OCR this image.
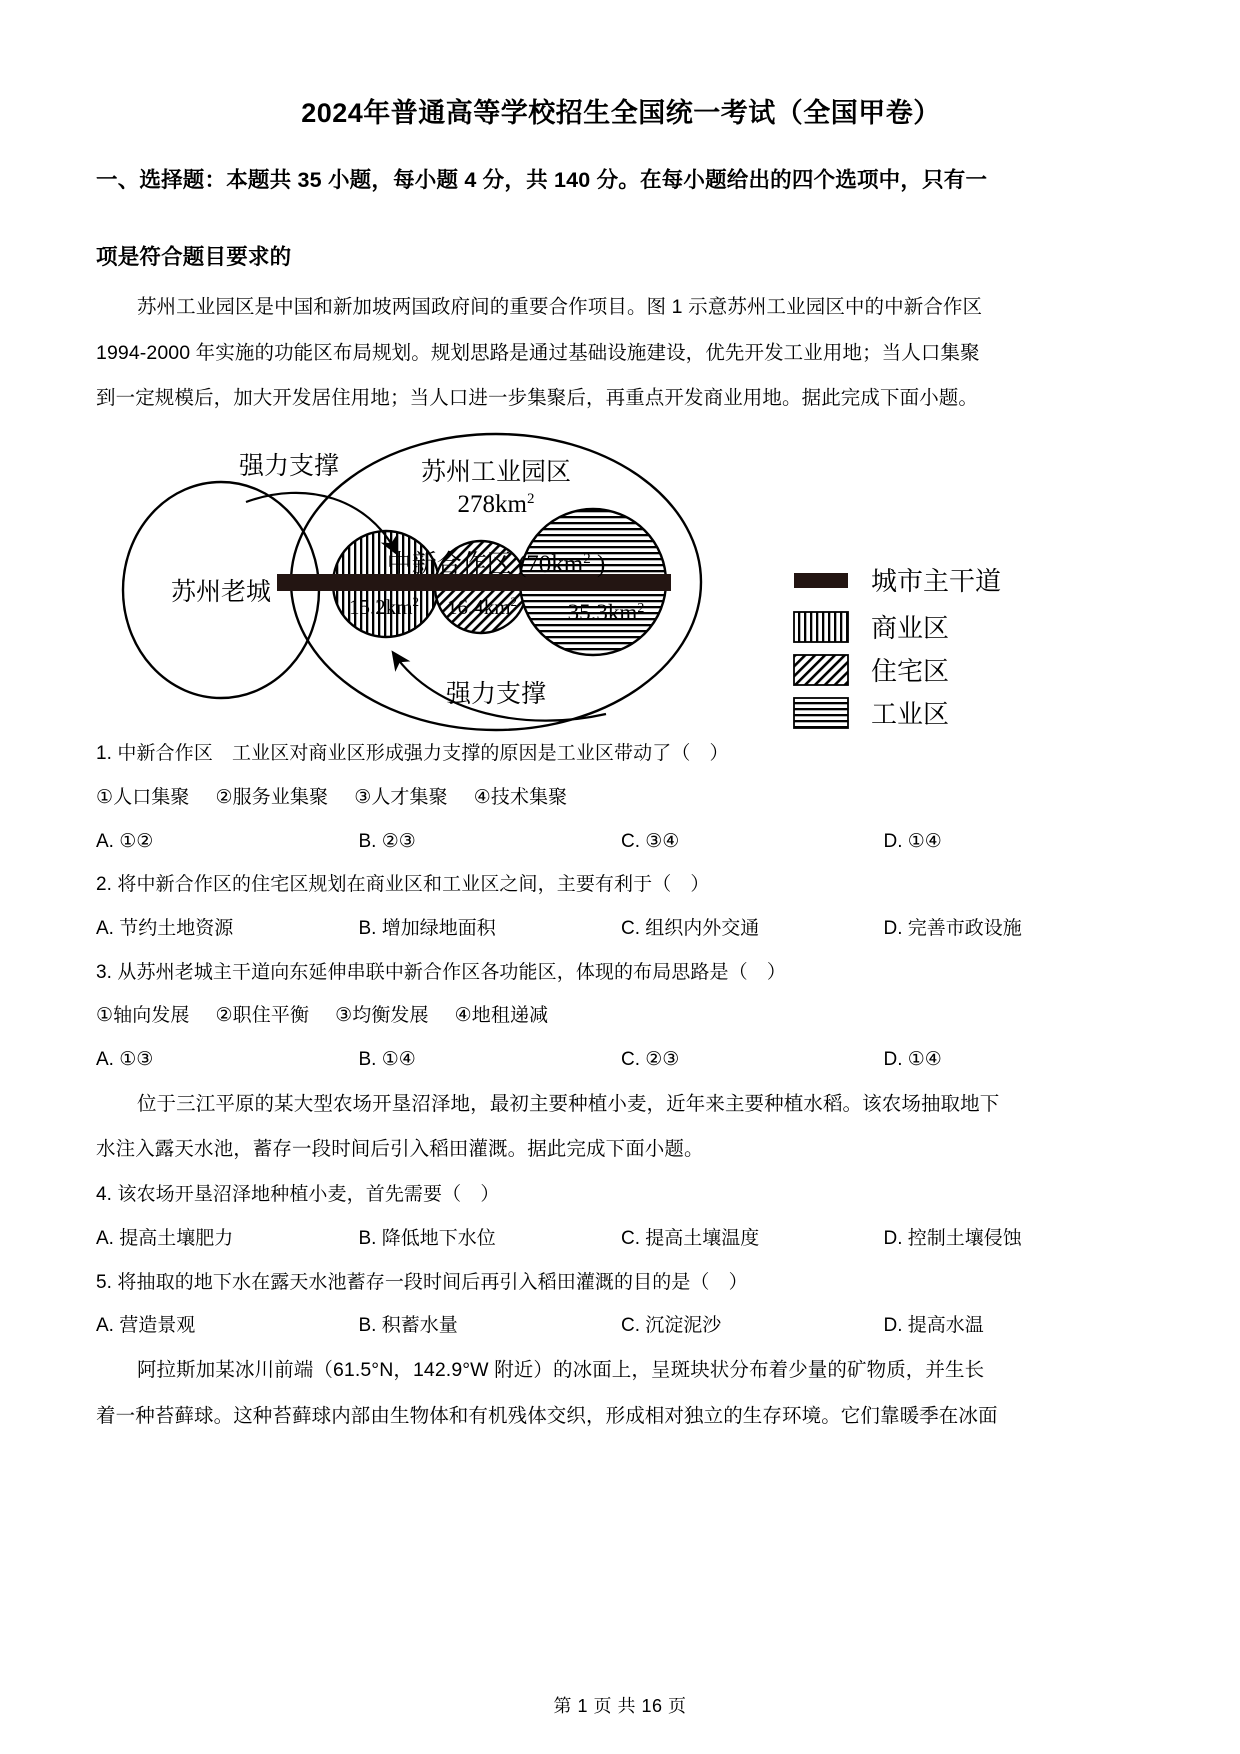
2024年普通高等学校招生全国统一考试（全国甲卷）
一、选择题：本题共 35 小题，每小题 4 分，共 140 分。在每小题给出的四个选项中，只有一
项是符合题目要求的
苏州工业园区是中国和新加坡两国政府间的重要合作项目。图 1 示意苏州工业园区中的中新合作区
1994-2000 年实施的功能区布局规划。规划思路是通过基础设施建设，优先开发工业用地；当人口集聚
到一定规模后，加大开发居住用地；当人口进一步集聚后，再重点开发商业用地。据此完成下面小题。
强力支撑	苏州工业园区
$278km^2$
苏州老城
中新合作区 ($70km^2$ )
$15.2km^2$ $16.4km^2$ $35.3km^2$
强力支撑
城市主干道
商业区
住宅区
工业区
1. 中新合作区　工业区对商业区形成强力支撑的原因是工业区带动了（　）
①人口集聚 ②服务业集聚 ③人才集聚 ④技术集聚
A. ①②	B. ②③	C. ③④	D. ①④
2. 将中新合作区的住宅区规划在商业区和工业区之间，主要有利于（　）
A. 节约土地资源	B. 增加绿地面积	C. 组织内外交通	D. 完善市政设施
3. 从苏州老城主干道向东延伸串联中新合作区各功能区，体现的布局思路是（　）
①轴向发展 ②职住平衡 ③均衡发展 ④地租递减
A. ①③	B. ①④	C. ②③	D. ①④
位于三江平原的某大型农场开垦沼泽地，最初主要种植小麦，近年来主要种植水稻。该农场抽取地下
水注入露天水池，蓄存一段时间后引入稻田灌溉。据此完成下面小题。
4. 该农场开垦沼泽地种植小麦，首先需要（　）
A. 提高土壤肥力	B. 降低地下水位	C. 提高土壤温度	D. 控制土壤侵蚀
5. 将抽取的地下水在露天水池蓄存一段时间后再引入稻田灌溉的目的是（　）
A. 营造景观	B. 积蓄水量	C. 沉淀泥沙	D. 提高水温
阿拉斯加某冰川前端（61.5°N，142.9°W 附近）的冰面上，呈斑块状分布着少量的矿物质，并生长
着一种苔藓球。这种苔藓球内部由生物体和有机残体交织，形成相对独立的生存环境。它们靠暖季在冰面
第 1 页 共 16 页
